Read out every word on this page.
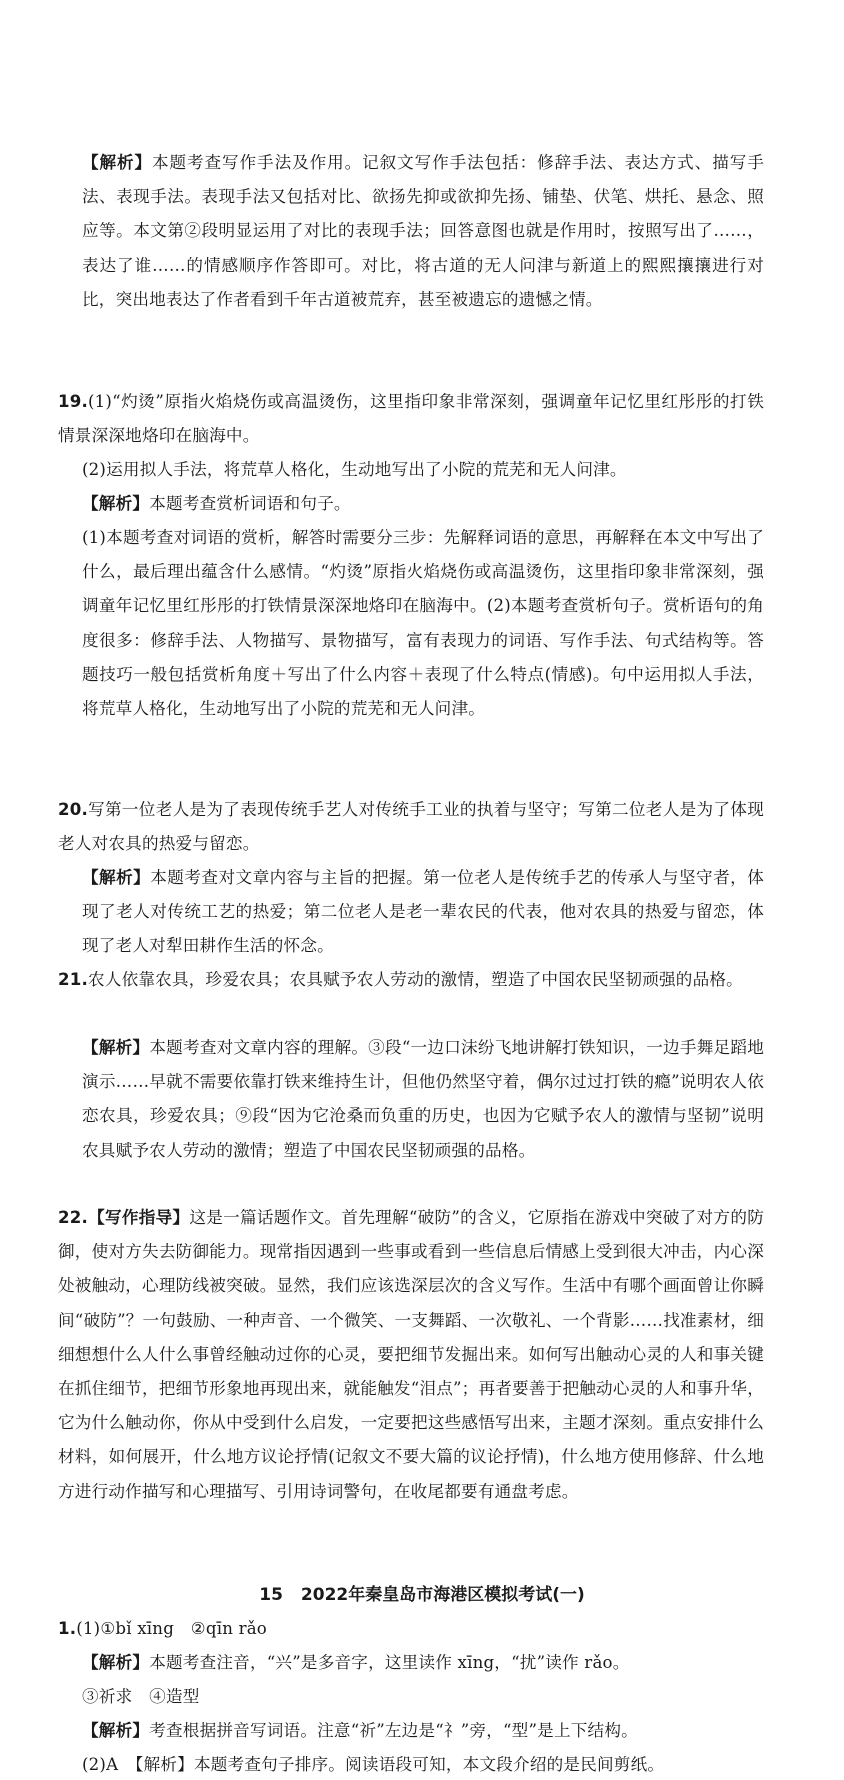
【解析】本题考查写作手法及作用。记叙文写作手法包括：修辞手法、表达方式、描写手法、表现手法。表现手法又包括对比、欲扬先抑或欲抑先扬、铺垫、伏笔、烘托、悬念、照应等。本文第②段明显运用了对比的表现手法；回答意图也就是作用时，按照写出了……，表达了谁……的情感顺序作答即可。对比，将古道的无人问津与新道上的熙熙攘攘进行对比，突出地表达了作者看到千年古道被荒弃，甚至被遗忘的遗憾之情。

19.(1)“灼烫”原指火焰烧伤或高温烫伤，这里指印象非常深刻，强调童年记忆里红彤彤的打铁情景深深地烙印在脑海中。

(2)运用拟人手法，将荒草人格化，生动地写出了小院的荒芜和无人问津。

【解析】本题考查赏析词语和句子。

(1)本题考查对词语的赏析，解答时需要分三步：先解释词语的意思，再解释在本文中写出了什么，最后理出蕴含什么感情。“灼烫”原指火焰烧伤或高温烫伤，这里指印象非常深刻，强调童年记忆里红彤彤的打铁情景深深地烙印在脑海中。(2)本题考查赏析句子。赏析语句的角度很多：修辞手法、人物描写、景物描写，富有表现力的词语、写作手法、句式结构等。答题技巧一般包括赏析角度＋写出了什么内容＋表现了什么特点(情感)。句中运用拟人手法，将荒草人格化，生动地写出了小院的荒芜和无人问津。

20.写第一位老人是为了表现传统手艺人对传统手工业的执着与坚守；写第二位老人是为了体现老人对农具的热爱与留恋。

【解析】本题考查对文章内容与主旨的把握。第一位老人是传统手艺的传承人与坚守者，体现了老人对传统工艺的热爱；第二位老人是老一辈农民的代表，他对农具的热爱与留恋，体现了老人对犁田耕作生活的怀念。

21.农人依靠农具，珍爱农具；农具赋予农人劳动的激情，塑造了中国农民坚韧顽强的品格。

【解析】本题考查对文章内容的理解。③段“一边口沫纷飞地讲解打铁知识，一边手舞足蹈地演示……早就不需要依靠打铁来维持生计，但他仍然坚守着，偶尔过过打铁的瘾”说明农人依恋农具，珍爱农具；⑨段“因为它沧桑而负重的历史，也因为它赋予农人的激情与坚韧”说明农具赋予农人劳动的激情；塑造了中国农民坚韧顽强的品格。

22.【写作指导】这是一篇话题作文。首先理解“破防”的含义，它原指在游戏中突破了对方的防御，使对方失去防御能力。现常指因遇到一些事或看到一些信息后情感上受到很大冲击，内心深处被触动，心理防线被突破。显然，我们应该选深层次的含义写作。生活中有哪个画面曾让你瞬间“破防”？一句鼓励、一种声音、一个微笑、一支舞蹈、一次敬礼、一个背影……找准素材，细细想想什么人什么事曾经触动过你的心灵，要把细节发掘出来。如何写出触动心灵的人和事关键在抓住细节，把细节形象地再现出来，就能触发“泪点”；再者要善于把触动心灵的人和事升华，它为什么触动你，你从中受到什么启发，一定要把这些感悟写出来，主题才深刻。重点安排什么材料，如何展开，什么地方议论抒情(记叙文不要大篇的议论抒情)，什么地方使用修辞、什么地方进行动作描写和心理描写、引用诗词警句，在收尾都要有通盘考虑。

15 2022年秦皇岛市海港区模拟考试(一)

1.(1)①bǐ xīng　②qīn rǎo

【解析】本题考查注音，“兴”是多音字，这里读作 xīng，“扰”读作 rǎo。

③祈求　④造型

【解析】考查根据拼音写词语。注意“祈”左边是“礻”旁，“型”是上下结构。

(2)A　【解析】本题考查句子排序。阅读语段可知，本文段介绍的是民间剪纸。
